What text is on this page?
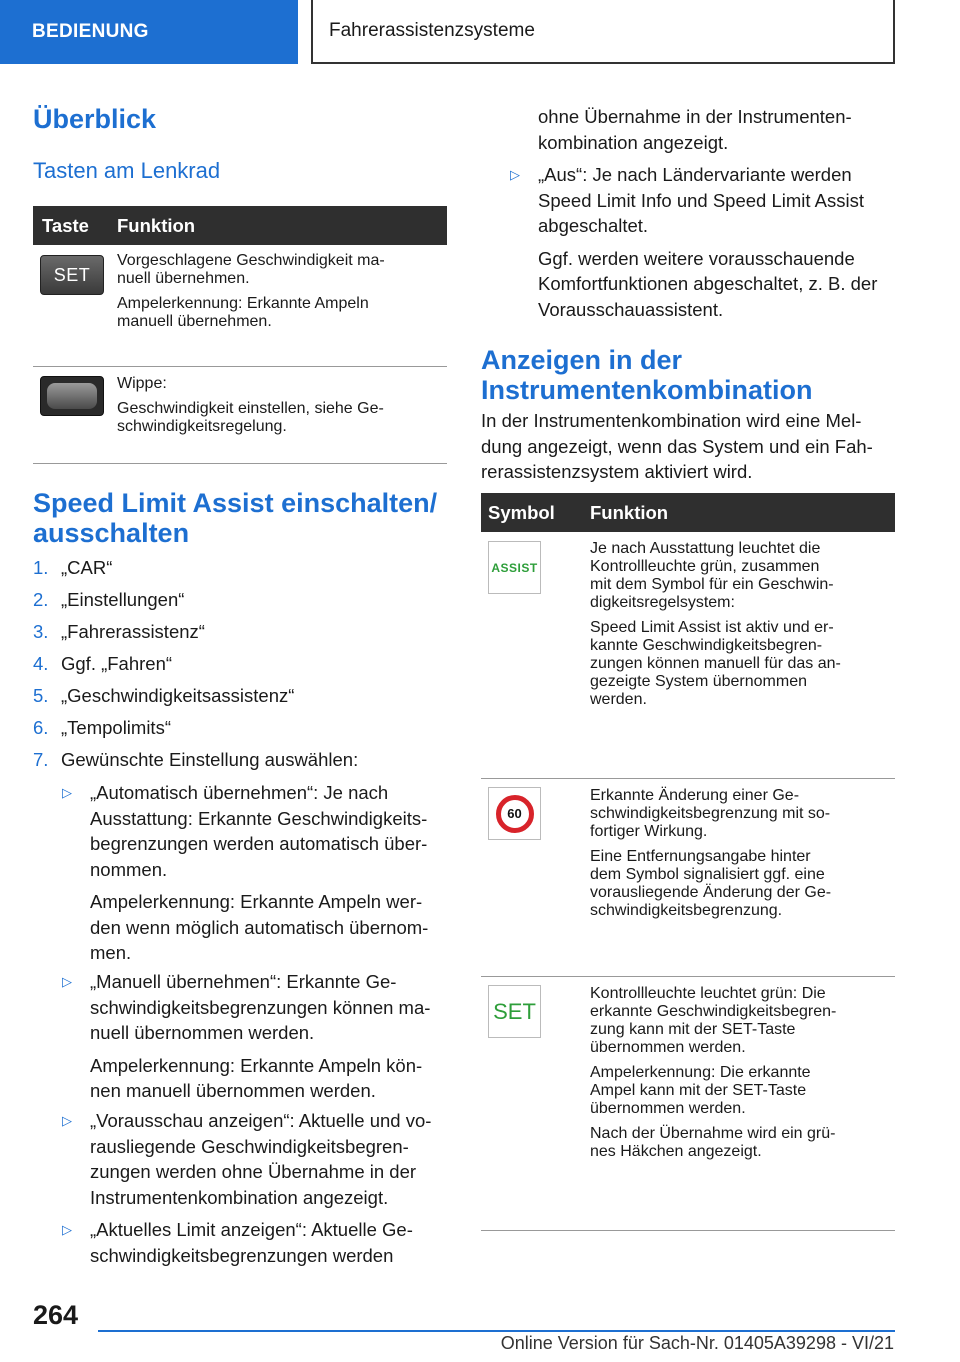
BEDIENUNG	Fahrerassistenzsysteme
Überblick
Tasten am Lenkrad
Taste Funktion
SET

Vorgeschlagene Geschwindigkeit ma-
nuell übernehmen.

Ampelerkennung: Erkannte Ampeln
manuell übernehmen.

Wippe:

Geschwindigkeit einstellen, siehe Ge-
schwindigkeitsregelung.

Speed Limit Assist einschalten/
ausschalten
1. „CAR“
2. „Einstellungen“
3. „Fahrerassistenz“
4. Ggf. „Fahren“
5. „Geschwindigkeitsassistenz“
6. „Tempolimits“
7. Gewünschte Einstellung auswählen:
▷ „Automatisch übernehmen“: Je nach
Ausstattung: Erkannte Geschwindigkeits-
begrenzungen werden automatisch über-
nommen.

Ampelerkennung: Erkannte Ampeln wer-
den wenn möglich automatisch übernom-
men.

▷ „Manuell übernehmen“: Erkannte Ge-
schwindigkeitsbegrenzungen können ma-
nuell übernommen werden.

Ampelerkennung: Erkannte Ampeln kön-
nen manuell übernommen werden.

▷ „Vorausschau anzeigen“: Aktuelle und vo-
rausliegende Geschwindigkeitsbegren-
zungen werden ohne Übernahme in der
Instrumentenkombination angezeigt.

▷ „Aktuelles Limit anzeigen“: Aktuelle Ge-
schwindigkeitsbegrenzungen werden

ohne Übernahme in der Instrumenten-
kombination angezeigt.
▷ „Aus“: Je nach Ländervariante werden
Speed Limit Info und Speed Limit Assist
abgeschaltet.

Ggf. werden weitere vorausschauende
Komfortfunktionen abgeschaltet, z. B. der
Vorausschauassistent.

Anzeigen in der
Instrumentenkombination
In der Instrumentenkombination wird eine Mel-
dung angezeigt, wenn das System und ein Fah-
rerassistenzsystem aktiviert wird.
Symbol Funktion
ASSIST

Je nach Ausstattung leuchtet die
Kontrollleuchte grün, zusammen
mit dem Symbol für ein Geschwin-
digkeitsregelsystem:

Speed Limit Assist ist aktiv und er-
kannte Geschwindigkeitsbegren-
zungen können manuell für das an-
gezeigte System übernommen
werden.

60

Erkannte Änderung einer Ge-
schwindigkeitsbegrenzung mit so-
fortiger Wirkung.

Eine Entfernungsangabe hinter
dem Symbol signalisiert ggf. eine
vorausliegende Änderung der Ge-
schwindigkeitsbegrenzung.

SET

Kontrollleuchte leuchtet grün: Die
erkannte Geschwindigkeitsbegren-
zung kann mit der SET-Taste
übernommen werden.

Ampelerkennung: Die erkannte
Ampel kann mit der SET-Taste
übernommen werden.

Nach der Übernahme wird ein grü-
nes Häkchen angezeigt.

264
Online Version für Sach-Nr. 01405A39298 - VI/21
